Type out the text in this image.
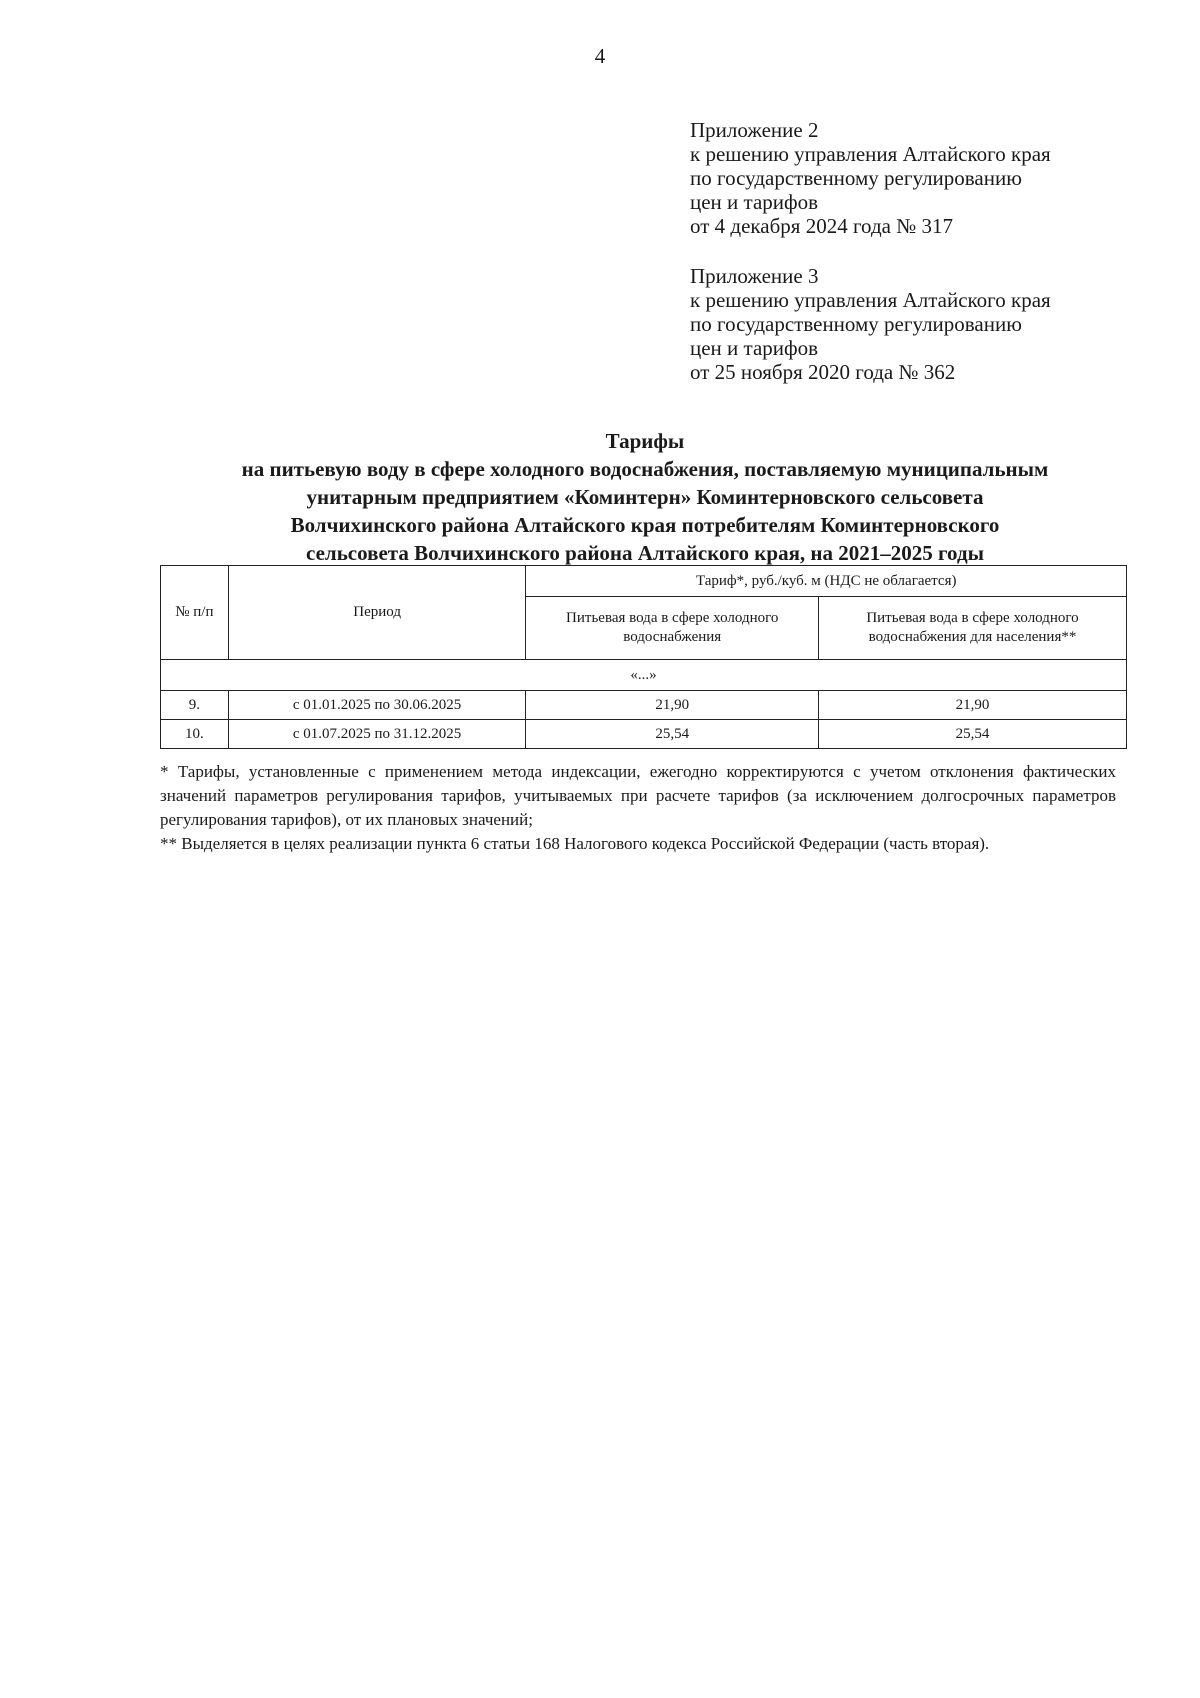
4
Приложение 2
к решению управления Алтайского края
по государственному регулированию
цен и тарифов
от 4 декабря 2024 года № 317
Приложение 3
к решению управления Алтайского края
по государственному регулированию
цен и тарифов
от 25 ноября 2020 года № 362
Тарифы
на питьевую воду в сфере холодного водоснабжения, поставляемую муниципальным
унитарным предприятием «Коминтерн» Коминтерновского сельсовета
Волчихинского района Алтайского края потребителям Коминтерновского
сельсовета Волчихинского района Алтайского края, на 2021–2025 годы
№ п/п	Период	Тариф*, руб./куб. м (НДС не облагается)	
		Питьевая вода в сфере холодного водоснабжения	Питьевая вода в сфере холодного водоснабжения для населения**
«...»			
9.	с 01.01.2025 по 30.06.2025	21,90	21,90
10.	с 01.07.2025 по 31.12.2025	25,54	25,54

* Тарифы, установленные с применением метода индексации, ежегодно корректируются с учетом отклонения фактических значений параметров регулирования тарифов, учитываемых при расчете тарифов (за исключением долгосрочных параметров регулирования тарифов), от их плановых значений;

** Выделяется в целях реализации пункта 6 статьи 168 Налогового кодекса Российской Федерации (часть вторая).
